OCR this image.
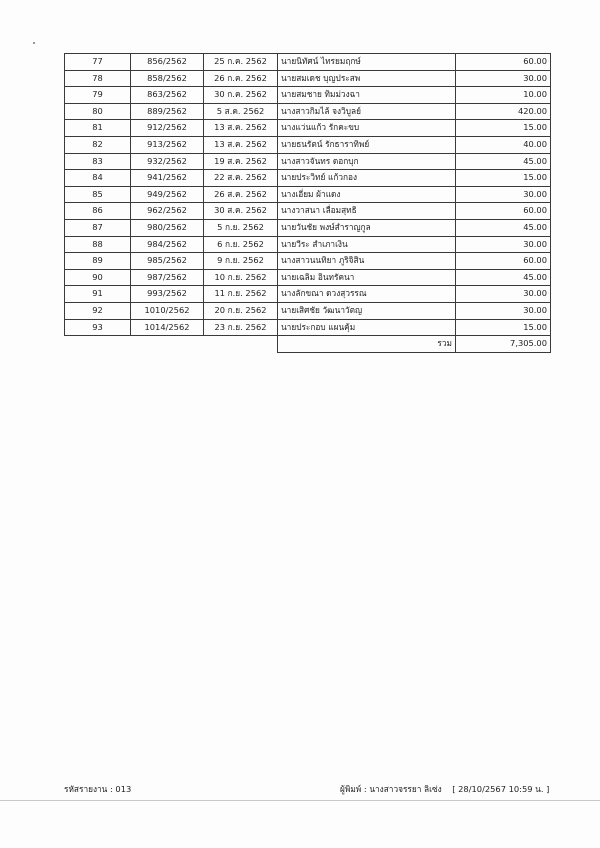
77	856/2562	25 ก.ค. 2562	นายนิทัศน์ ไทรยมฤกษ์	60.00
78	858/2562	26 ก.ค. 2562	นายสมเดช บุญประสพ	30.00
79	863/2562	30 ก.ค. 2562	นายสมชาย ทิมม่วงฉา	10.00
80	889/2562	5 ส.ค. 2562	นางสาวกิมไล้ จงวิบูลย์	420.00
81	912/2562	13 ส.ค. 2562	นางแว่นแก้ว รักคะขบ	15.00
82	913/2562	13 ส.ค. 2562	นายธนรัตน์ รักธาราทิพย์	40.00
83	932/2562	19 ส.ค. 2562	นางสาวจันทร ดอกบุก	45.00
84	941/2562	22 ส.ค. 2562	นายประวิทย์ แก้วกอง	15.00
85	949/2562	26 ส.ค. 2562	นางเอี่ยม ผ้าแดง	30.00
86	962/2562	30 ส.ค. 2562	นางวาสนา เลื่อมสุทธิ	60.00
87	980/2562	5 ก.ย. 2562	นายวันชัย พงษ์สำราญกูล	45.00
88	984/2562	6 ก.ย. 2562	นายวีระ สำเภาเงิน	30.00
89	985/2562	9 ก.ย. 2562	นางสาวนนทิยา ภูริจิสิน	60.00
90	987/2562	10 ก.ย. 2562	นายเฉลิม อินทรัคนา	45.00
91	993/2562	11 ก.ย. 2562	นางลักขณา ดวงสุวรรณ	30.00
92	1010/2562	20 ก.ย. 2562	นายเสิศชัย วัฒนาวัตญ	30.00
93	1014/2562	23 ก.ย. 2562	นายประกอบ แผนคุ้ม	15.00
			รวม	7,305.00
รหัสรายงาน : 013	ผู้พิมพ์ : นางสาวจรรยา ลิเซ่ง [ 28/10/2567 10:59 น. ]
